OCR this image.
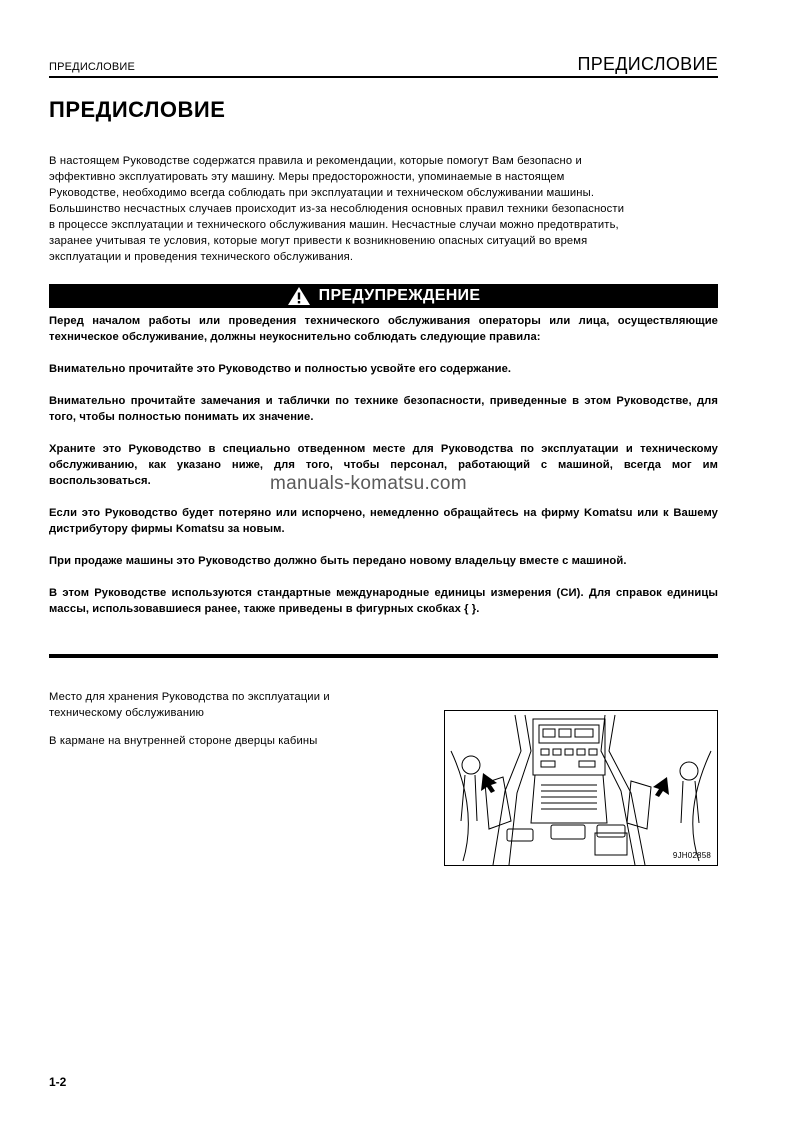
ПРЕДИСЛОВИЕ	ПРЕДИСЛОВИЕ
ПРЕДИСЛОВИЕ
В настоящем Руководстве содержатся правила и рекомендации, которые помогут Вам безопасно и
эффективно эксплуатировать эту машину. Меры предосторожности, упоминаемые в настоящем
Руководстве, необходимо всегда соблюдать при эксплуатации и техническом обслуживании машины.
Большинство несчастных случаев происходит из-за несоблюдения основных правил техники безопасности
в процессе эксплуатации и технического обслуживания машин. Несчастные случаи можно предотвратить,
заранее учитывая те условия, которые могут привести к возникновению опасных ситуаций во время
эксплуатации и проведения технического обслуживания.
ПРЕДУПРЕЖДЕНИЕ

Перед началом работы или проведения технического обслуживания операторы или лица, осуществляющие техническое обслуживание, должны неукоснительно соблюдать следующие правила:

Внимательно прочитайте это Руководство и полностью усвойте его содержание.

Внимательно прочитайте замечания и таблички по технике безопасности, приведенные в этом Руководстве, для того, чтобы полностью понимать их значение.

Храните это Руководство в специально отведенном месте для Руководства по эксплуатации и техническому обслуживанию, как указано ниже, для того, чтобы персонал, работающий с машиной, всегда мог им воспользоваться.

Если это Руководство будет потеряно или испорчено, немедленно обращайтесь на фирму Komatsu или к Вашему дистрибутору фирмы Komatsu за новым.

При продаже машины это Руководство должно быть передано новому владельцу вместе с машиной.

В этом Руководстве используются стандартные международные единицы измерения (СИ). Для справок единицы массы, использовавшиеся ранее, также приведены в фигурных скобках { }.

Место для хранения Руководства по эксплуатации и
техническому обслуживанию
В кармане на внутренней стороне дверцы кабины
9JH02858
manuals-komatsu.com
1-2
